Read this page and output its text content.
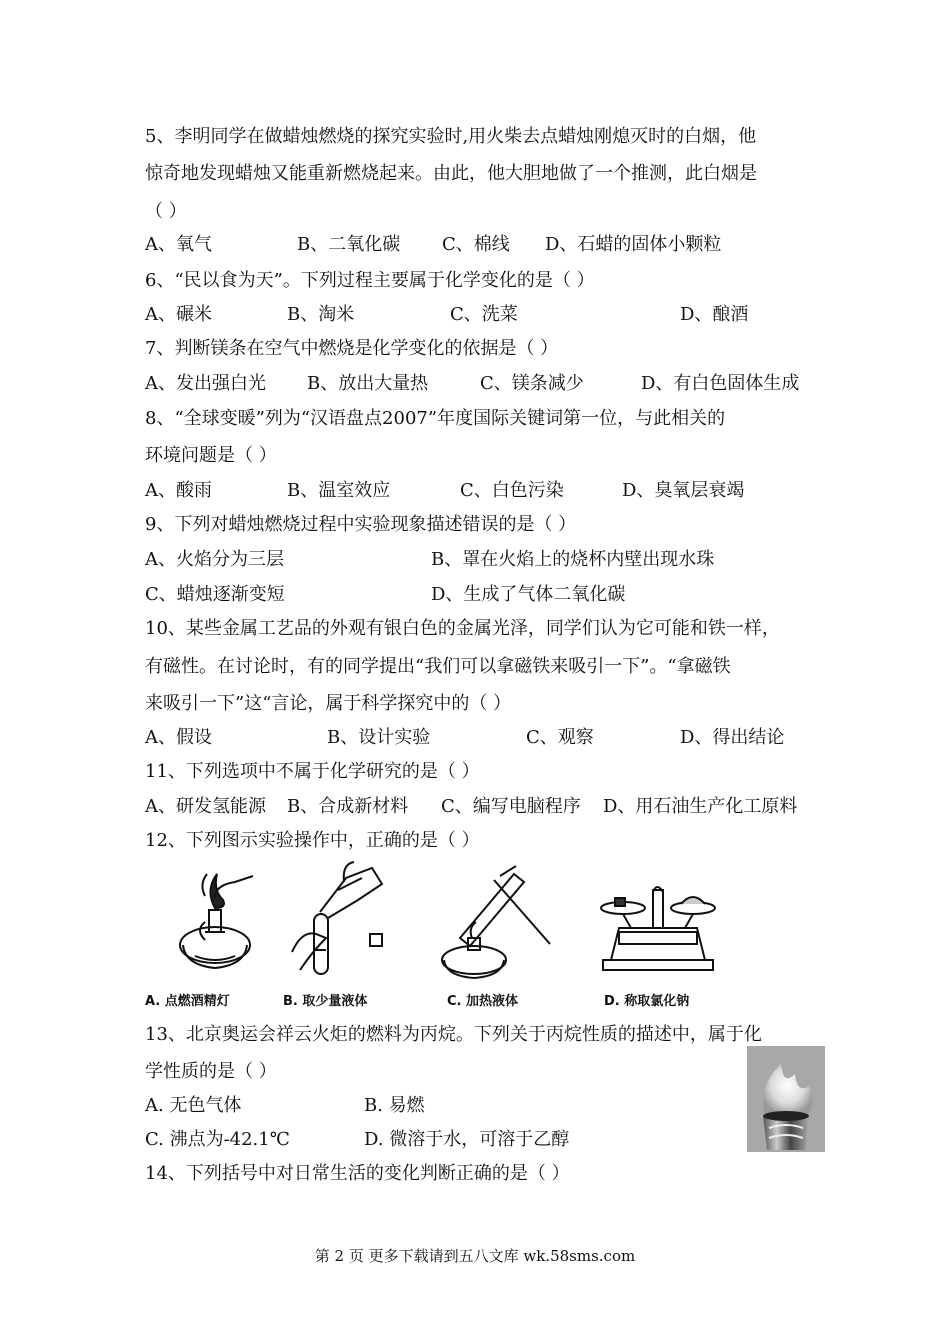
5、李明同学在做蜡烛燃烧的探究实验时,用火柴去点蜡烛刚熄灭时的白烟，他
惊奇地发现蜡烛又能重新燃烧起来。由此，他大胆地做了一个推测，此白烟是
（ ）
A、氧气	B、二氧化碳 C、棉线 D、石蜡的固体小颗粒
6、“民以食为天”。下列过程主要属于化学变化的是（ ）
A、碾米	B、淘米	C、洗菜	D、酿酒
7、判断镁条在空气中燃烧是化学变化的依据是（ ）
A、发出强白光 B、放出大量热	C、镁条减少	D、有白色固体生成
8、“全球变暖”列为“汉语盘点2007”年度国际关键词第一位，与此相关的
环境问题是（ ）
A、酸雨	B、温室效应	C、白色污染	D、臭氧层衰竭
9、下列对蜡烛燃烧过程中实验现象描述错误的是（ ）
A、火焰分为三层	B、罩在火焰上的烧杯内壁出现水珠
C、蜡烛逐渐变短	D、生成了气体二氧化碳
10、某些金属工艺品的外观有银白色的金属光泽，同学们认为它可能和铁一样，
有磁性。在讨论时，有的同学提出“我们可以拿磁铁来吸引一下”。“拿磁铁
来吸引一下”这“言论，属于科学探究中的（ ）
A、假设	B、设计实验	C、观察	D、得出结论
11、下列选项中不属于化学研究的是（ ）
A、研发氢能源 B、合成新材料 C、编写电脑程序 D、用石油生产化工原料
12、下列图示实验操作中，正确的是（ ）
A. 点燃酒精灯	B. 取少量液体	C. 加热液体	D. 称取氯化钠
13、北京奥运会祥云火炬的燃料为丙烷。下列关于丙烷性质的描述中，属于化
学性质的是（ ）
A. 无色气体	B. 易燃
C. 沸点为-42.1℃	D. 微溶于水，可溶于乙醇
14、下列括号中对日常生活的变化判断正确的是（ ）
第 2 页 更多下载请到五八文库 wk.58sms.com
